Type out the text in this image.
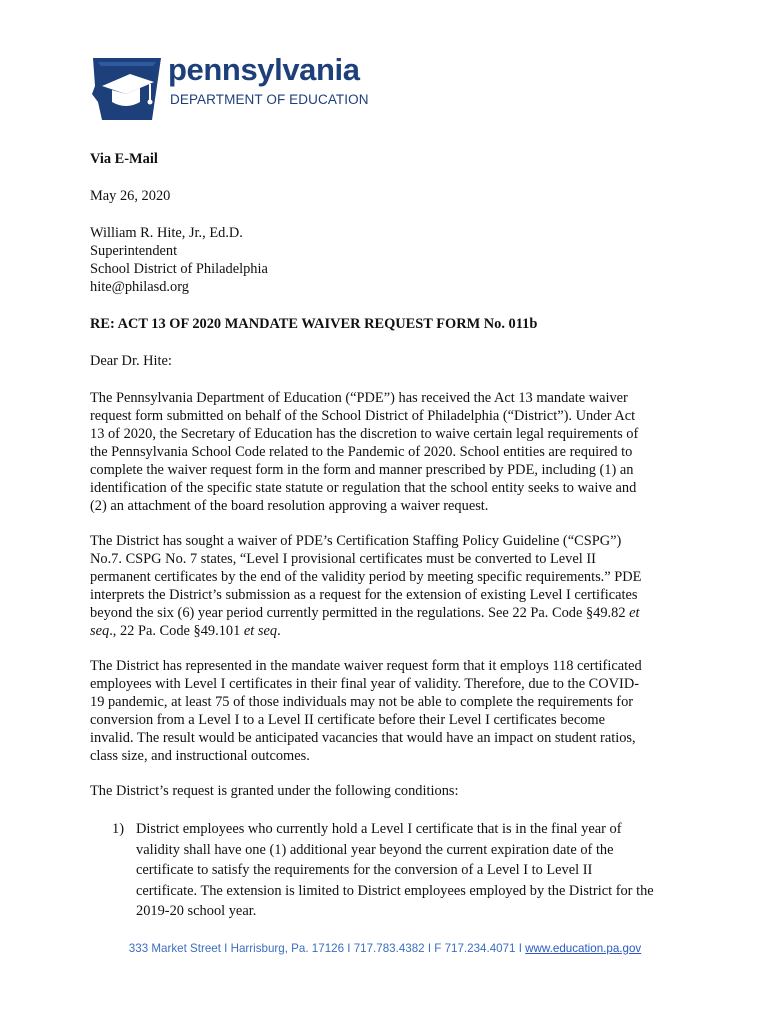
pennsylvania
DEPARTMENT OF EDUCATION
Via E-Mail
May 26, 2020
William R. Hite, Jr., Ed.D.
Superintendent
School District of Philadelphia
hite@philasd.org
RE: ACT 13 OF 2020 MANDATE WAIVER REQUEST FORM No. 011b
Dear Dr. Hite:
The Pennsylvania Department of Education (“PDE”) has received the Act 13 mandate waiver
request form submitted on behalf of the School District of Philadelphia (“District”). Under Act
13 of 2020, the Secretary of Education has the discretion to waive certain legal requirements of
the Pennsylvania School Code related to the Pandemic of 2020. School entities are required to
complete the waiver request form in the form and manner prescribed by PDE, including (1) an
identification of the specific state statute or regulation that the school entity seeks to waive and
(2) an attachment of the board resolution approving a waiver request.
The District has sought a waiver of PDE’s Certification Staffing Policy Guideline (“CSPG”)
No.7. CSPG No. 7 states, “Level I provisional certificates must be converted to Level II
permanent certificates by the end of the validity period by meeting specific requirements.” PDE
interprets the District’s submission as a request for the extension of existing Level I certificates
beyond the six (6) year period currently permitted in the regulations. See 22 Pa. Code §49.82 et
seq., 22 Pa. Code §49.101 et seq.
The District has represented in the mandate waiver request form that it employs 118 certificated
employees with Level I certificates in their final year of validity. Therefore, due to the COVID-
19 pandemic, at least 75 of those individuals may not be able to complete the requirements for
conversion from a Level I to a Level II certificate before their Level I certificates become
invalid. The result would be anticipated vacancies that would have an impact on student ratios,
class size, and instructional outcomes.
The District’s request is granted under the following conditions:
1) District employees who currently hold a Level I certificate that is in the final year of
validity shall have one (1) additional year beyond the current expiration date of the
certificate to satisfy the requirements for the conversion of a Level I to Level II
certificate. The extension is limited to District employees employed by the District for the
2019-20 school year.
333 Market Street I Harrisburg, Pa. 17126 I 717.783.4382 I F 717.234.4071 I www.education.pa.gov
